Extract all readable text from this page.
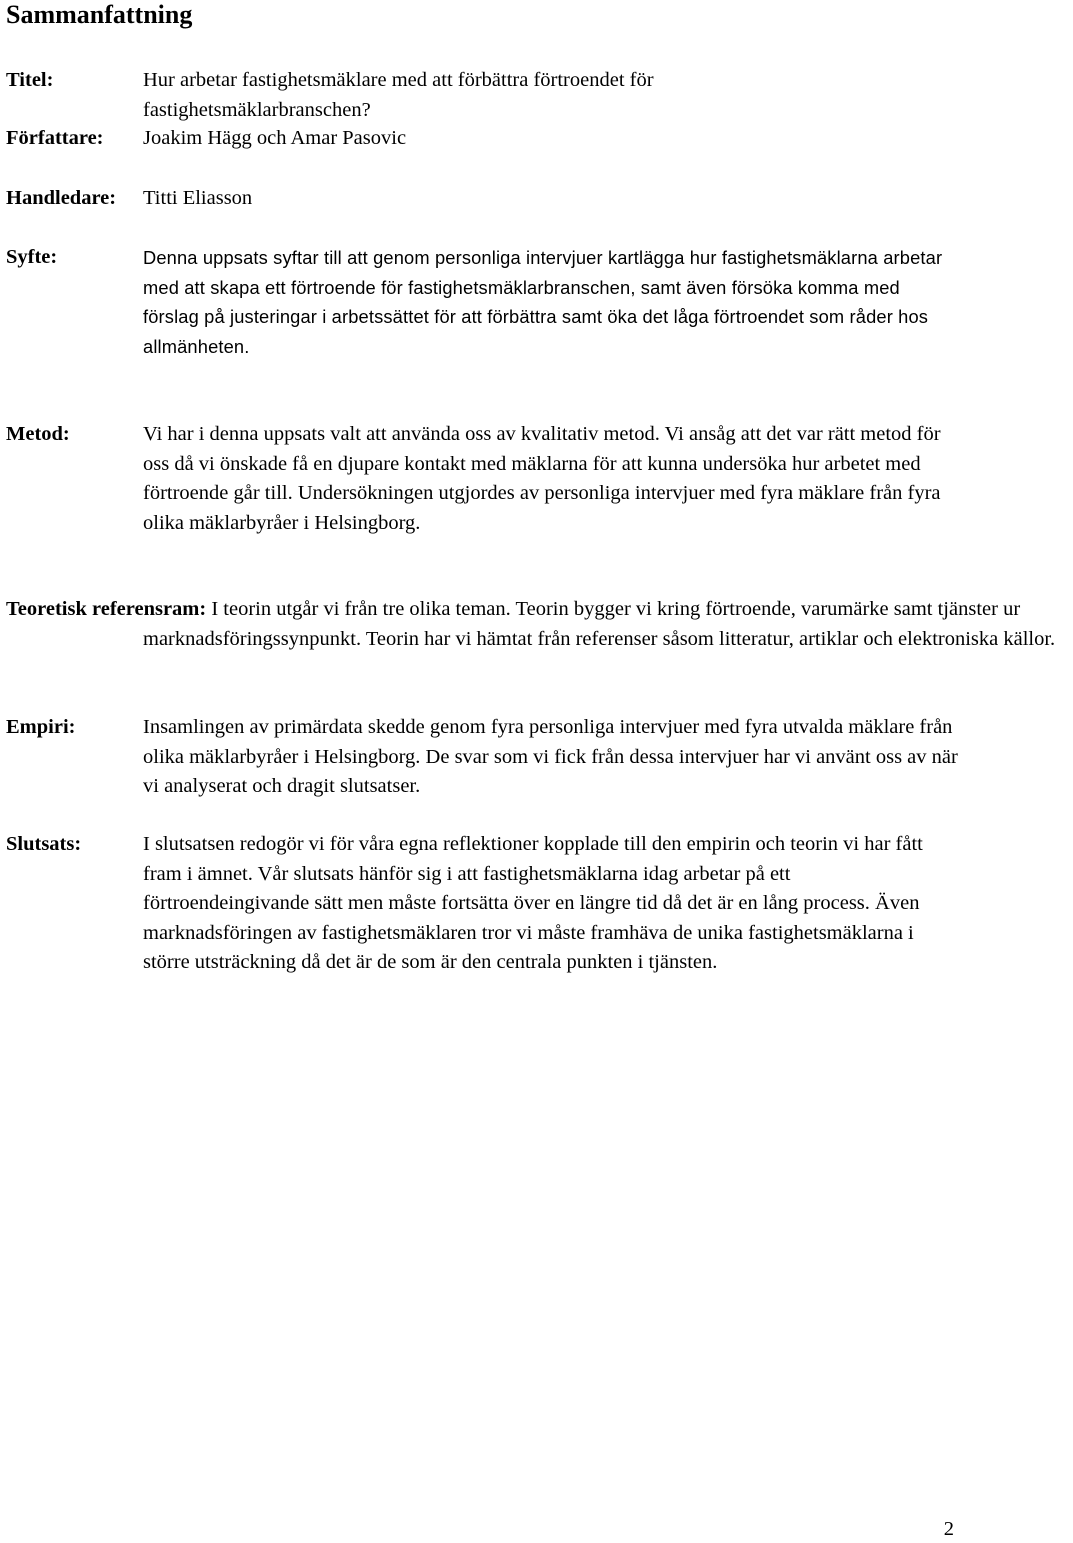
Sammanfattning
Titel:	Hur arbetar fastighetsmäklare med att förbättra förtroendet för fastighetsmäklarbranschen?
Författare: Joakim Hägg och Amar Pasovic
Handledare: Titti Eliasson
Syfte:	Denna uppsats syftar till att genom personliga intervjuer kartlägga hur fastighetsmäklarna arbetar med att skapa ett förtroende för fastighetsmäklarbranschen, samt även försöka komma med förslag på justeringar i arbetssättet för att förbättra samt öka det låga förtroendet som råder hos allmänheten.
Metod:	Vi har i denna uppsats valt att använda oss av kvalitativ metod. Vi ansåg att det var rätt metod för oss då vi önskade få en djupare kontakt med mäklarna för att kunna undersöka hur arbetet med förtroende går till. Undersökningen utgjordes av personliga intervjuer med fyra mäklare från fyra olika mäklarbyråer i Helsingborg.
Teoretisk referensram: I teorin utgår vi från tre olika teman. Teorin bygger vi kring förtroende, varumärke samt tjänster ur marknadsföringssynpunkt. Teorin har vi hämtat från referenser såsom litteratur, artiklar och elektroniska källor.
Empiri:	Insamlingen av primärdata skedde genom fyra personliga intervjuer med fyra utvalda mäklare från olika mäklarbyråer i Helsingborg. De svar som vi fick från dessa intervjuer har vi använt oss av när vi analyserat och dragit slutsatser.
Slutsats:	I slutsatsen redogör vi för våra egna reflektioner kopplade till den empirin och teorin vi har fått fram i ämnet. Vår slutsats hänför sig i att fastighetsmäklarna idag arbetar på ett förtroendeingivande sätt men måste fortsätta över en längre tid då det är en lång process. Även marknadsföringen av fastighetsmäklaren tror vi måste framhäva de unika fastighetsmäklarna i större utsträckning då det är de som är den centrala punkten i tjänsten.
2
